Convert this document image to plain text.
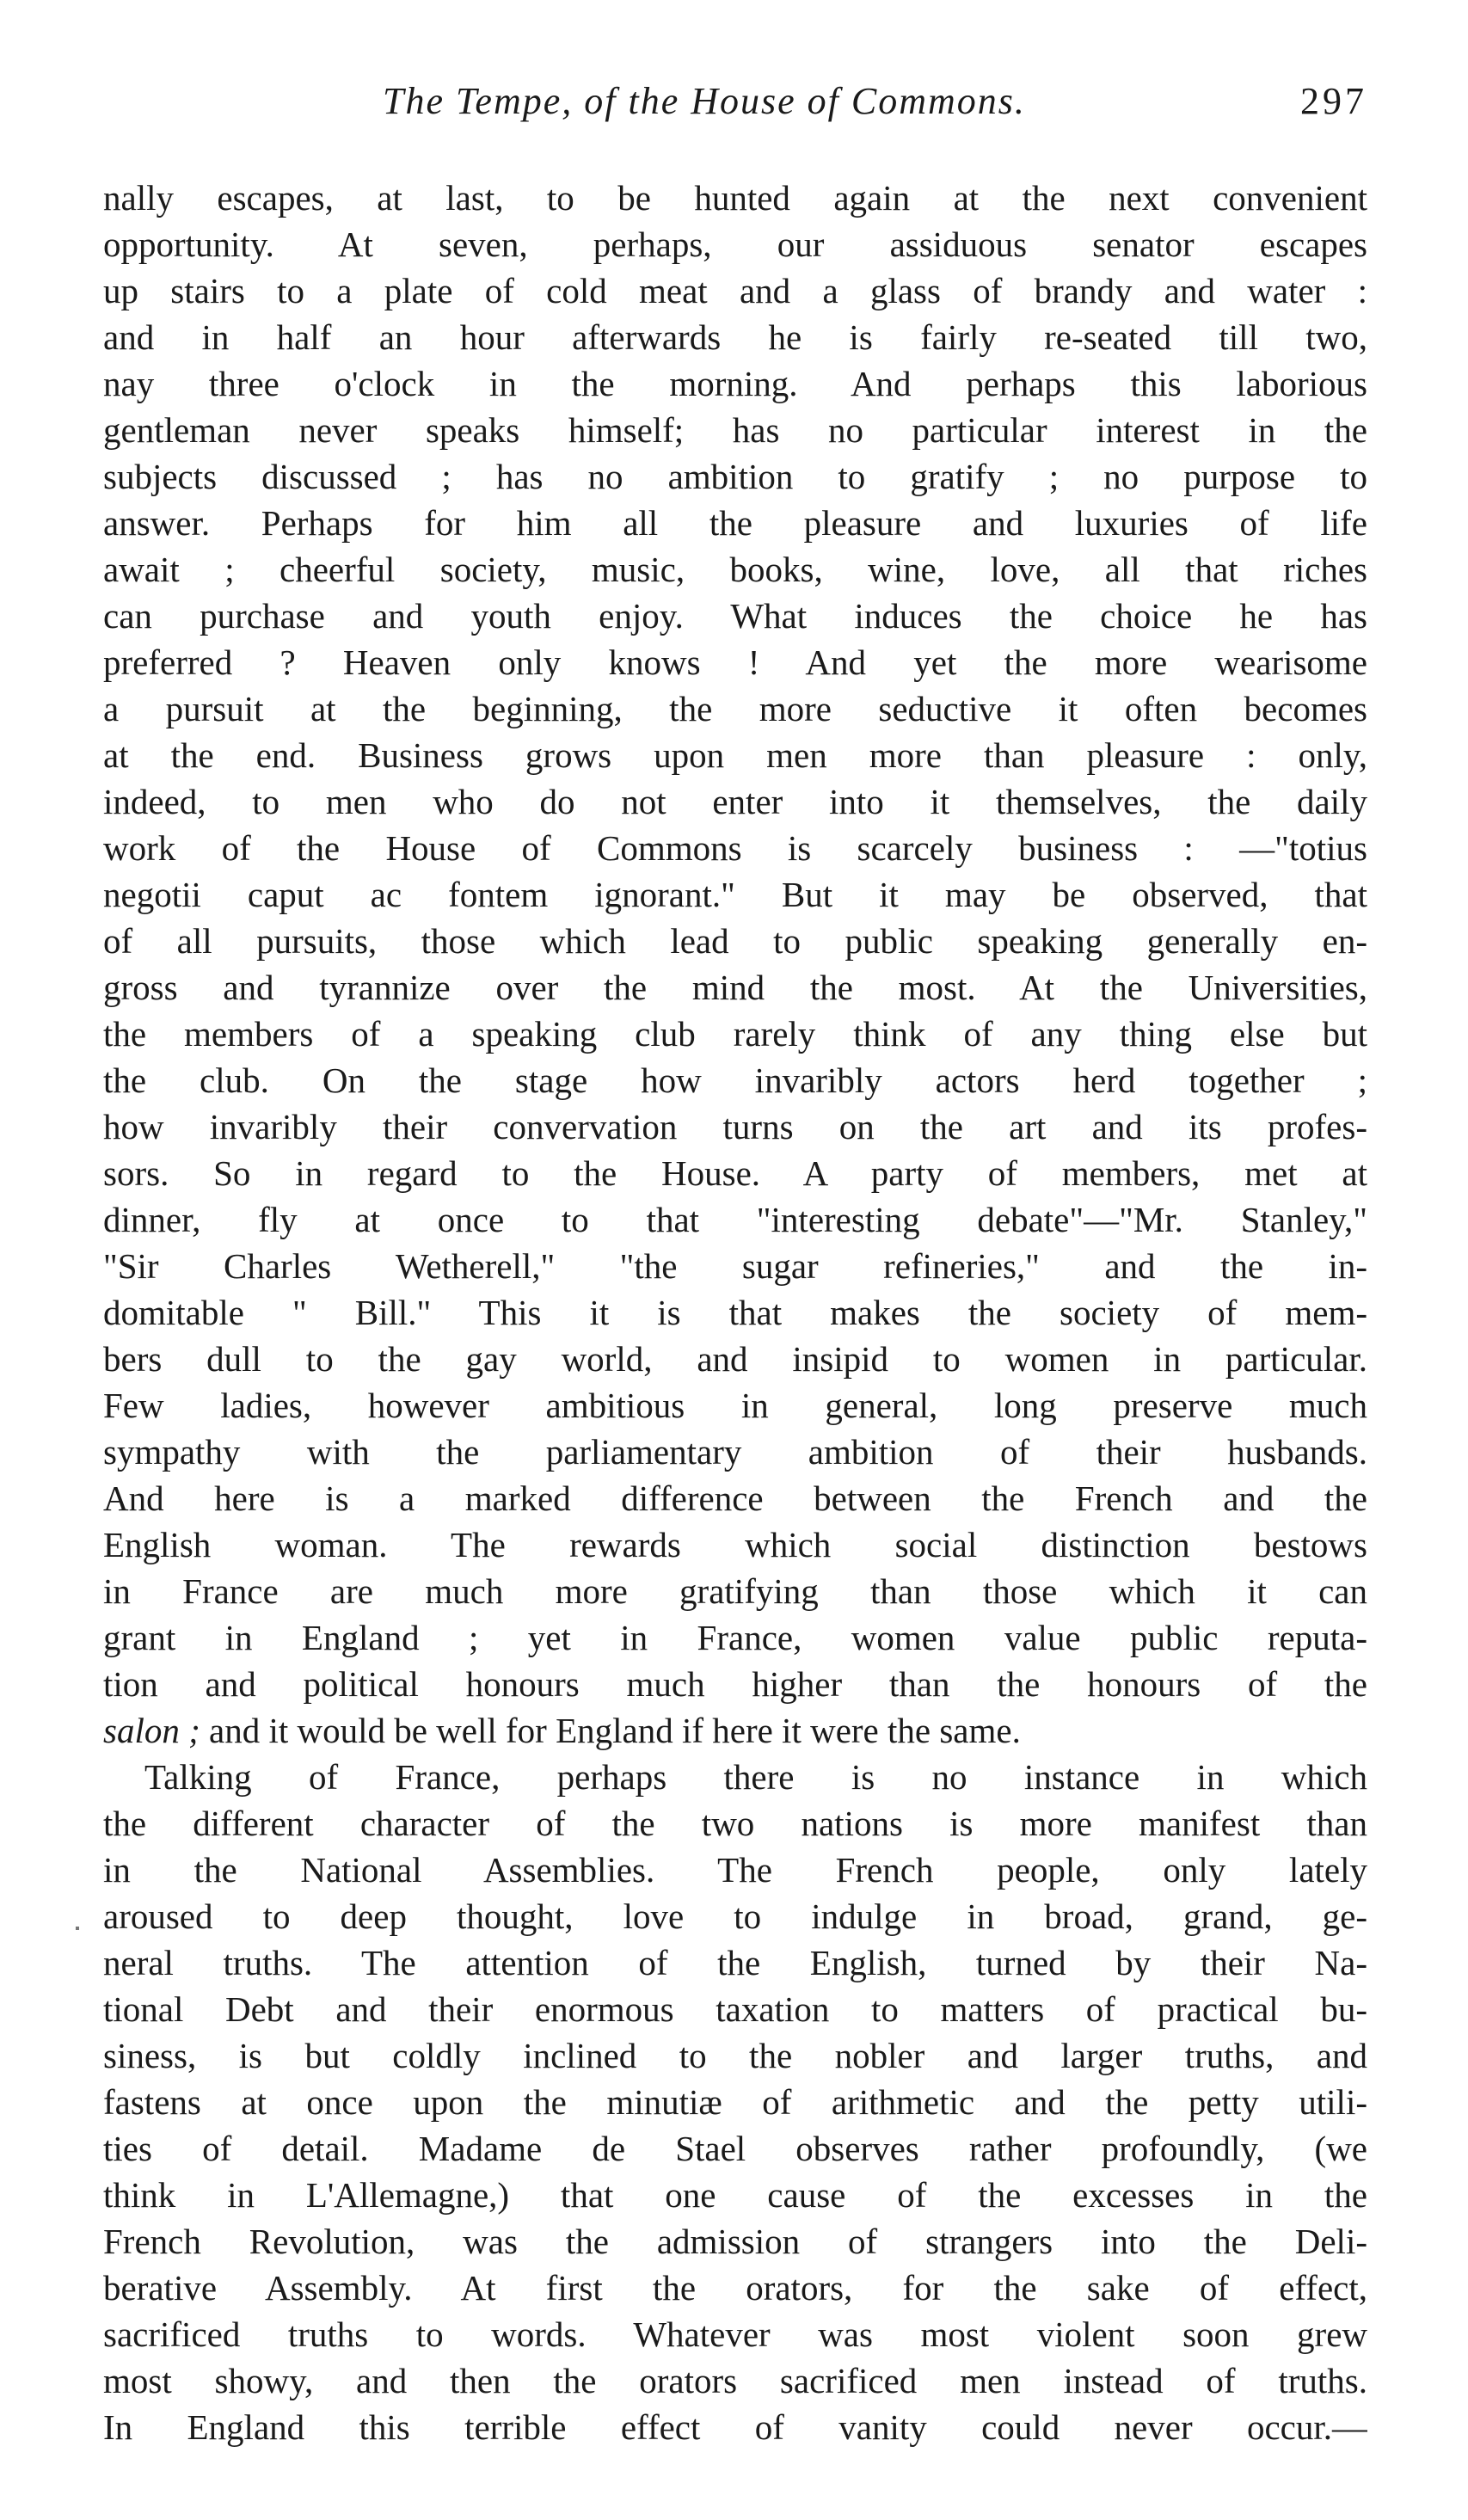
The Tempe, of the House of Commons.	297
nally escapes, at last, to be hunted again at the next convenient
opportunity. At seven, perhaps, our assiduous senator escapes
up stairs to a plate of cold meat and a glass of brandy and water :
and in half an hour afterwards he is fairly re-seated till two,
nay three o'clock in the morning. And perhaps this laborious
gentleman never speaks himself; has no particular interest in the
subjects discussed ; has no ambition to gratify ; no purpose to
answer. Perhaps for him all the pleasure and luxuries of life
await ; cheerful society, music, books, wine, love, all that riches
can purchase and youth enjoy. What induces the choice he has
preferred ? Heaven only knows ! And yet the more wearisome
a pursuit at the beginning, the more seductive it often becomes
at the end. Business grows upon men more than pleasure : only,
indeed, to men who do not enter into it themselves, the daily
work of the House of Commons is scarcely business : —"totius
negotii caput ac fontem ignorant." But it may be observed, that
of all pursuits, those which lead to public speaking generally en-
gross and tyrannize over the mind the most. At the Universities,
the members of a speaking club rarely think of any thing else but
the club. On the stage how invaribly actors herd together ;
how invaribly their convervation turns on the art and its profes-
sors. So in regard to the House. A party of members, met at
dinner, fly at once to that "interesting debate"—"Mr. Stanley,"
"Sir Charles Wetherell," "the sugar refineries," and the in-
domitable " Bill." This it is that makes the society of mem-
bers dull to the gay world, and insipid to women in particular.
Few ladies, however ambitious in general, long preserve much
sympathy with the parliamentary ambition of their husbands.
And here is a marked difference between the French and the
English woman. The rewards which social distinction bestows
in France are much more gratifying than those which it can
grant in England ; yet in France, women value public reputa-
tion and political honours much higher than the honours of the
salon ; and it would be well for England if here it were the same.
Talking of France, perhaps there is no instance in which
the different character of the two nations is more manifest than
in the National Assemblies. The French people, only lately
aroused to deep thought, love to indulge in broad, grand, ge-
neral truths. The attention of the English, turned by their Na-
tional Debt and their enormous taxation to matters of practical bu-
siness, is but coldly inclined to the nobler and larger truths, and
fastens at once upon the minutiæ of arithmetic and the petty utili-
ties of detail. Madame de Stael observes rather profoundly, (we
think in L'Allemagne,) that one cause of the excesses in the
French Revolution, was the admission of strangers into the Deli-
berative Assembly. At first the orators, for the sake of effect,
sacrificed truths to words. Whatever was most violent soon grew
most showy, and then the orators sacrificed men instead of truths.
In England this terrible effect of vanity could never occur.—
